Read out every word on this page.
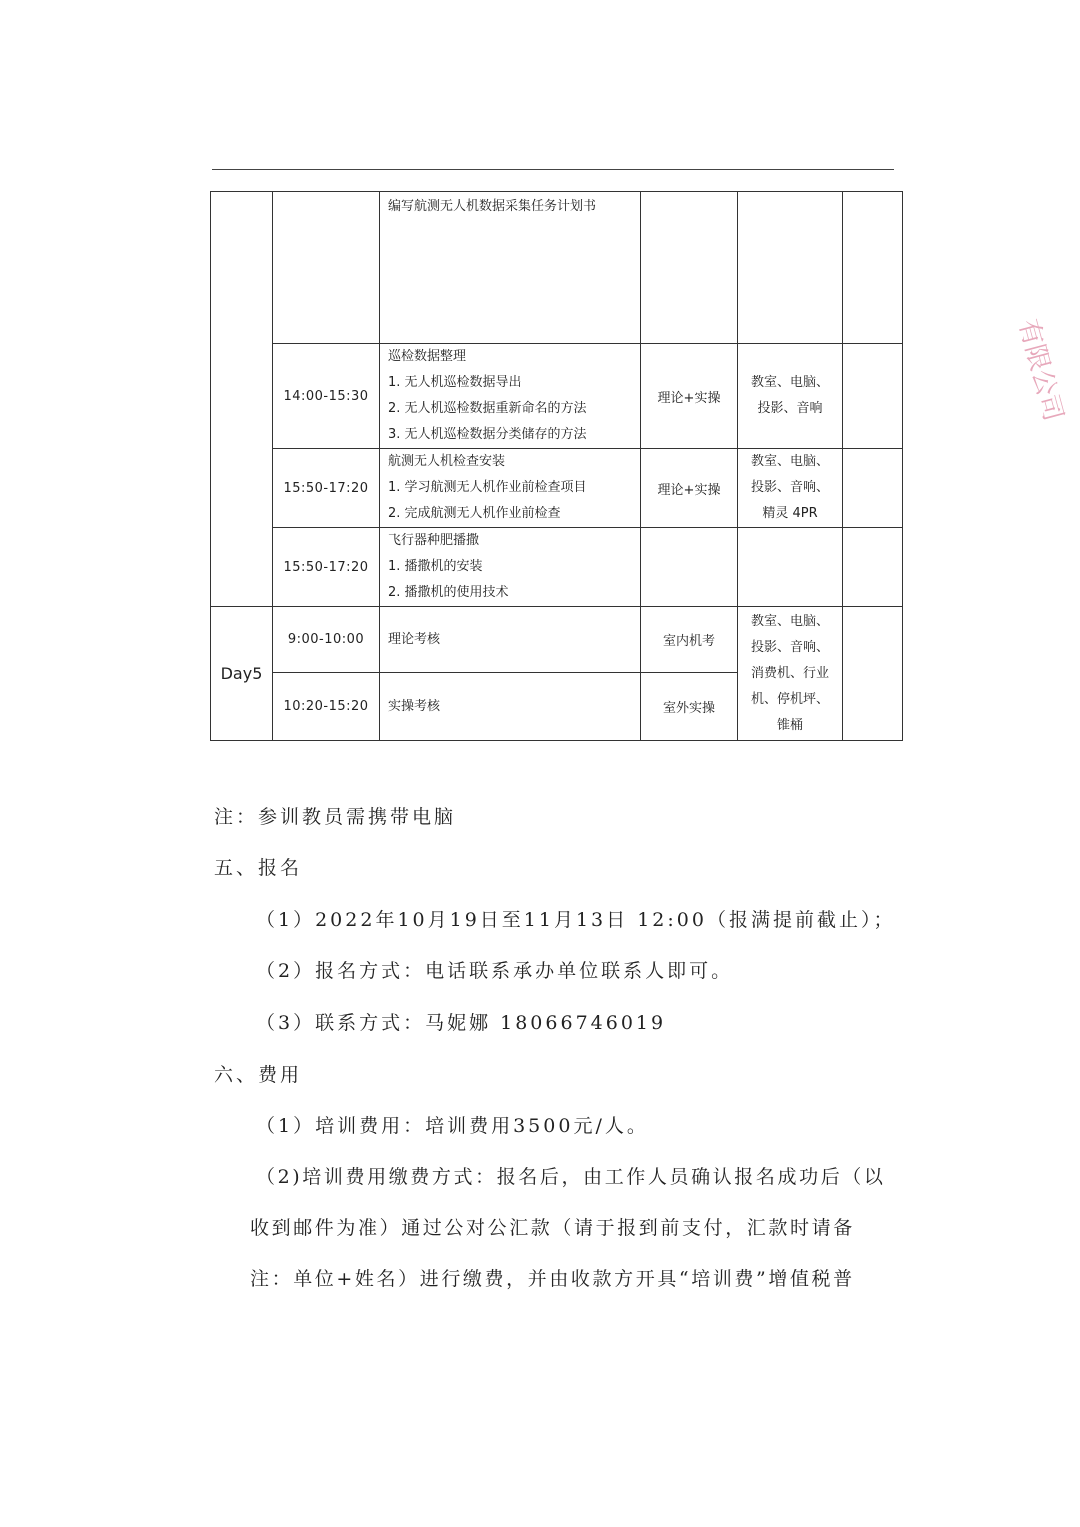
		编写航测无人机数据采集任务计划书			

	14:00-15:30	巡检数据整理
1. 无人机巡检数据导出
2. 无人机巡检数据重新命名的方法
3. 无人机巡检数据分类储存的方法	理论+实操	教室、电脑、
投影、音响	

	15:50-17:20	航测无人机检查安装
1. 学习航测无人机作业前检查项目
2. 完成航测无人机作业前检查	理论+实操	教室、电脑、
投影、音响、
精灵 4PR	

	15:50-17:20	飞行器种肥播撒
1. 播撒机的安装
2. 播撒机的使用技术			

Day5	9:00-10:00	理论考核	室内机考	教室、电脑、
投影、音响、
消费机、行业
机、停机坪、
锥桶	

	10:20-15:20	实操考核	室外实操		
注：参训教员需携带电脑
五、报名
（1）2022年10月19日至11月13日 12:00（报满提前截止）；
（2）报名方式：电话联系承办单位联系人即可。
（3）联系方式：马妮娜 18066746019
六、费用
（1）培训费用：培训费用3500元/人。
（2)培训费用缴费方式：报名后，由工作人员确认报名成功后（以
收到邮件为准）通过公对公汇款（请于报到前支付，汇款时请备
注：单位+姓名）进行缴费，并由收款方开具“培训费”增值税普
有限公司
